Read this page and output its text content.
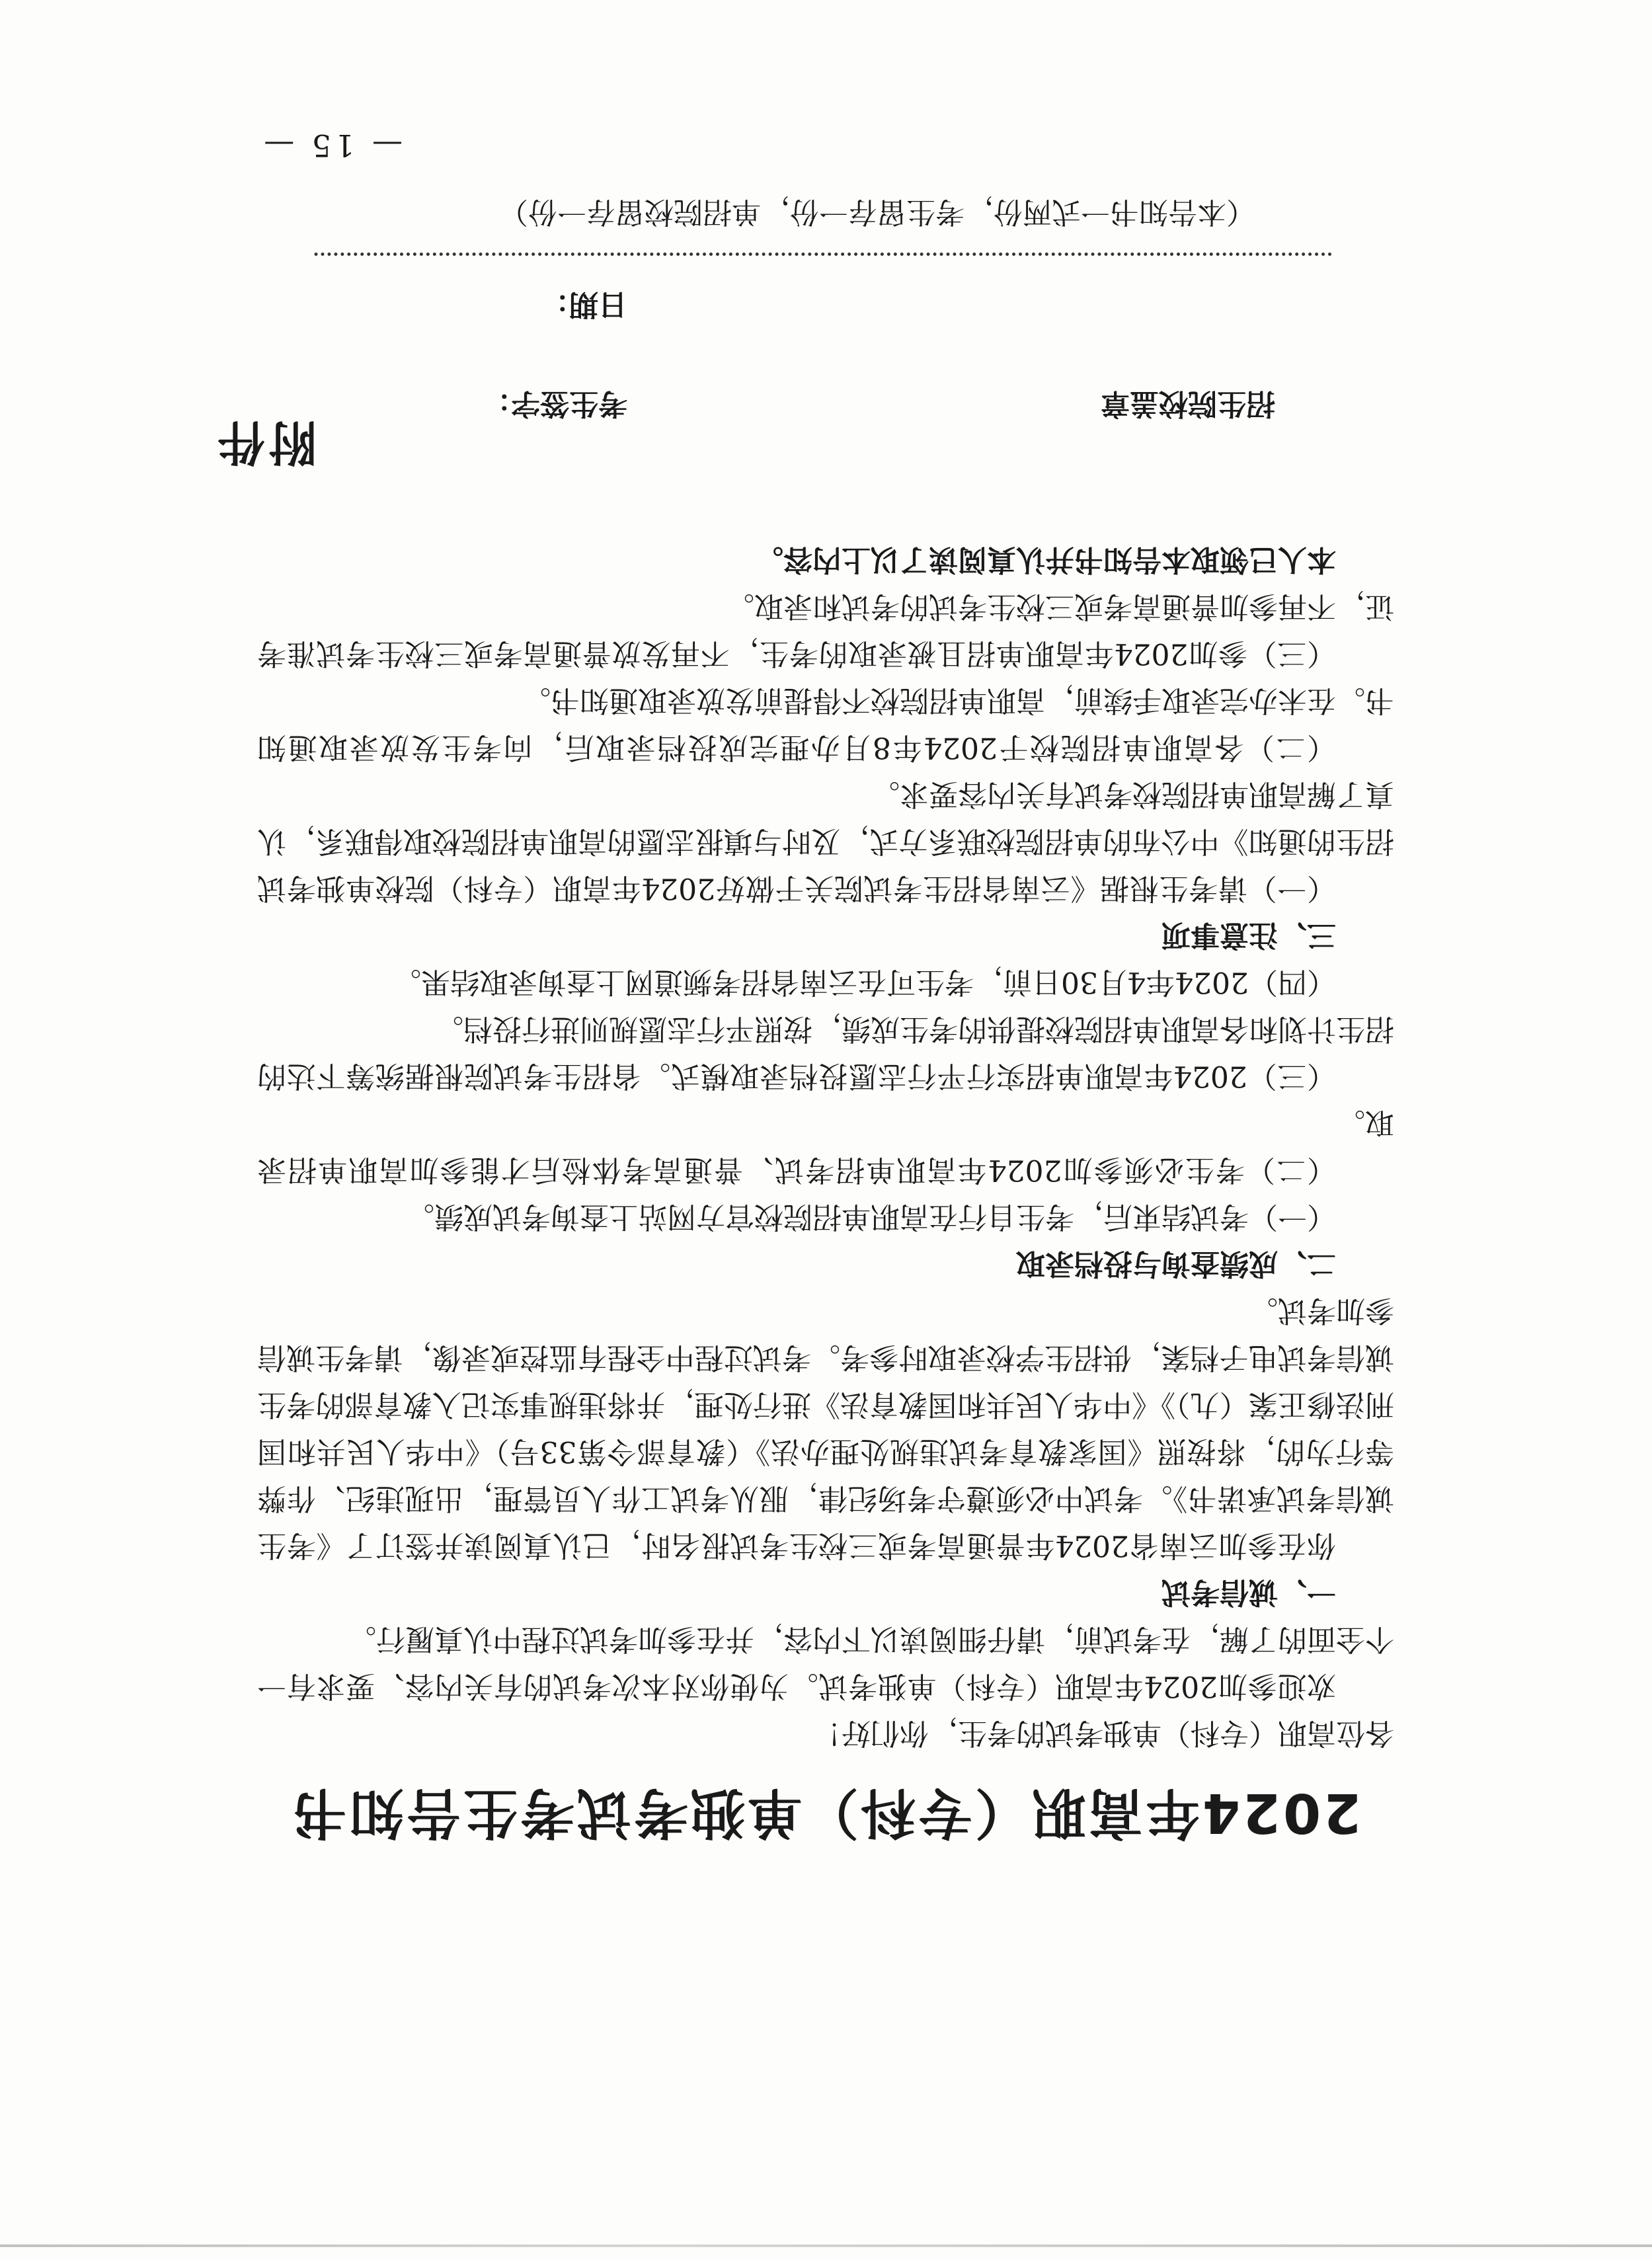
附件
2024年高职（专科）单独考试考生告知书

各位高职（专科）单独考试的考生，你们好！

欢迎参加2024年高职（专科）单独考试。为使你对本次考试的有关内容、要求有一个全面的了解，在考试前，请仔细阅读以下内容，并在参加考试过程中认真履行。

一、诚信考试

你在参加云南省2024年普通高考或三校生考试报名时，已认真阅读并签订了《考生诚信考试承诺书》。考试中必须遵守考场纪律，服从考试工作人员管理，出现违纪、作弊等行为的，将按照《国家教育考试违规处理办法》（教育部令第33号）《中华人民共和国刑法修正案（九）》《中华人民共和国教育法》进行处理，并将违规事实记入教育部的考生诚信考试电子档案，供招生学校录取时参考。考试过程中全程有监控或录像，请考生诚信参加考试。

二、成绩查询与投档录取

（一）考试结束后，考生自行在高职单招院校官方网站上查询考试成绩。

（二）考生必须参加2024年高职单招考试、普通高考体检后才能参加高职单招录取。

（三）2024年高职单招实行平行志愿投档录取模式。省招生考试院根据统筹下达的招生计划和各高职单招院校提供的考生成绩，按照平行志愿规则进行投档。

（四）2024年4月30日前，考生可在云南省招考频道网上查询录取结果。

三、注意事项

（一）请考生根据《云南省招生考试院关于做好2024年高职（专科）院校单独考试招生的通知》中公布的单招院校联系方式，及时与填报志愿的高职单招院校取得联系，认真了解高职单招院校考试有关内容要求。

（二）各高职单招院校于2024年8月办理完成投档录取后，向考生发放录取通知书。在未办完录取手续前，高职单招院校不得提前发放录取通知书。

（三）参加2024年高职单招且被录取的考生，不再发放普通高考或三校生考试准考证，不再参加普通高考或三校生考试的考试和录取。

本人已领取本告知书并认真阅读了以上内容。

招生院校盖章
考生签字：
日期：
（本告知书一式两份，考生留存一份，单招院校留存一份）
— 15 —
